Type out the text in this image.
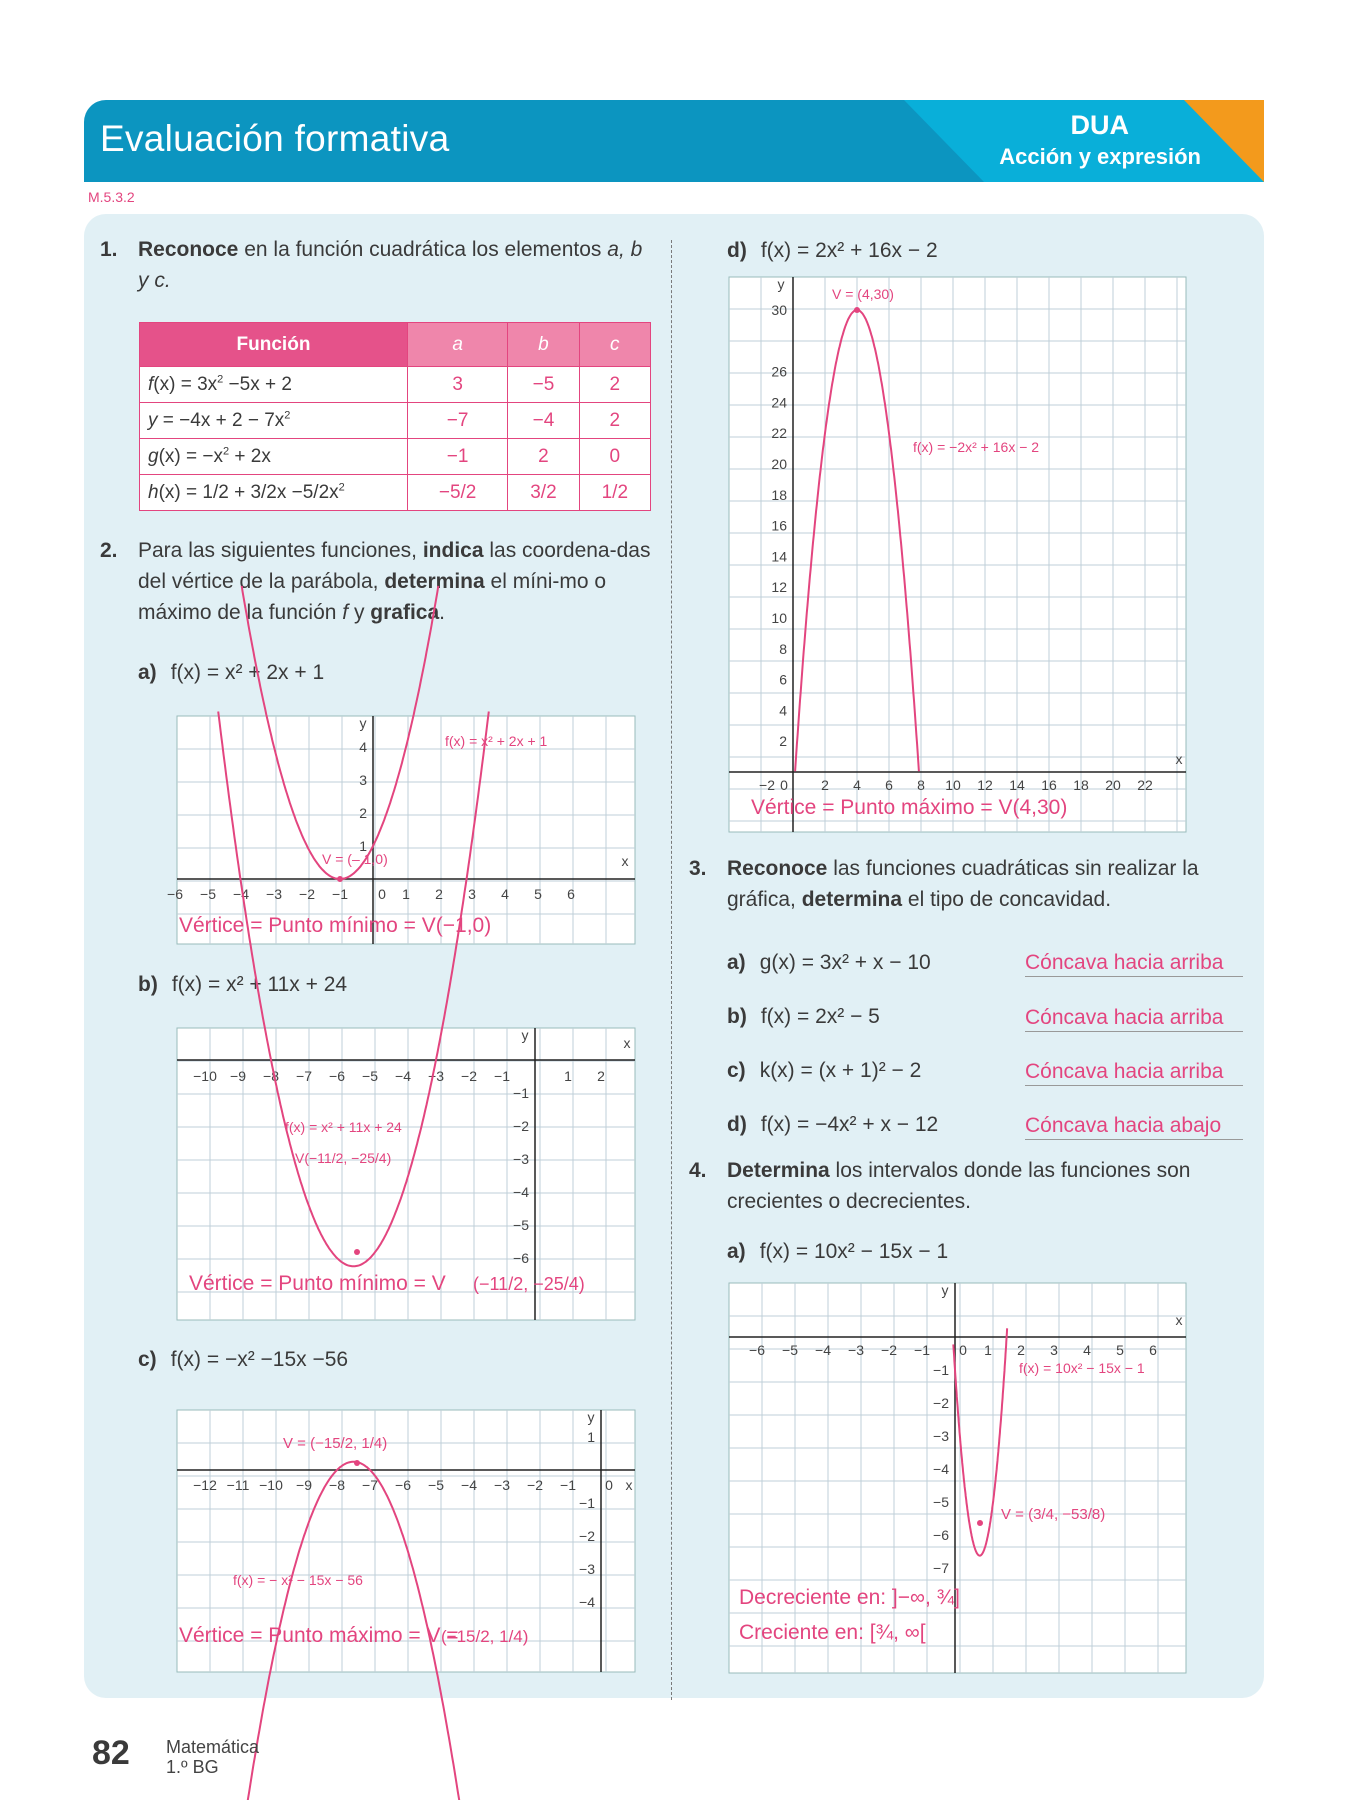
Evaluación formativa	DUA
Acción y expresión
M.5.3.2
1. Reconoce en la función cuadrática los elementos a, b y c.
Función	a	b	c
$f(x) = 3x^2 -5x + 2$	3	−5	2
$y = -4x + 2 - 7x^2$	−7	−4	2
$g(x) = -x^2 + 2x$	−1	2	0
$h(x) = 1/2 + 3/2x -5/2x^2$	−5/2	3/2	1/2
2. Para las siguientes funciones, indica las coordena-das del vértice de la parábola, determina el míni-mo o máximo de la función f y grafica.
a) f(x) = x² + 2x + 1
b) f(x) = x² + 11x + 24
c) f(x) = −x² −15x −56
d) f(x) = 2x² + 16x − 2
−6 −5 −4 −3 −2 −1 0 1 2 3 4 5 6
1
2
3
4
x
y
f(x) = x² + 2x + 1
V = (– 1,0)
Vértice = Punto mínimo = V(−1,0)
−10 −9 −8 −7 −6 −5 −4 −3 −2 −1	1 2
−1
−2
−3
−4
−5
−6
x
y
f(x) = x² + 11x + 24
V(−11/2, −25/4)
Vértice = Punto mínimo = V (−11/2, −25/4)
−12 −11 −10 −9 −8 −7 −6 −5 −4 −3 −2 −1 0
1
−1
−2
−3
−4
x
y
V = (−15/2, 1/4)
f(x) = − x² − 15x − 56
Vértice = Punto máximo = V =
(−15/2, 1/4)
−2 0 2 4 6 8 10 12 14 16 18 20 22
2
4
6
8
10
12
14
16
18
20
22
24
26
30
x
y
V = (4,30)
f(x) = −2x² + 16x − 2
Vértice = Punto máximo = V(4,30)
3. Reconoce las funciones cuadráticas sin realizar la gráfica, determina el tipo de concavidad.
a) g(x) = 3x² + x − 10	Cóncava hacia arriba
b) f(x) = 2x² − 5	Cóncava hacia arriba
c) k(x) = (x + 1)² − 2	Cóncava hacia arriba
d) f(x) = −4x² + x − 12	Cóncava hacia abajo
4. Determina los intervalos donde las funciones son crecientes o decrecientes.
a) f(x) = 10x² − 15x − 1
−6 −5 −4 −3 −2 −1 0 1 2 3 4 5 6
−1
−2
−3
−4
−5
−6
−7
x
y
f(x) = 10x² − 15x − 1
V = (3/4, −53/8)
Decreciente en: ]−∞, ¾]
Creciente en: [¾, ∞[
82 Matemática
1.º BG
